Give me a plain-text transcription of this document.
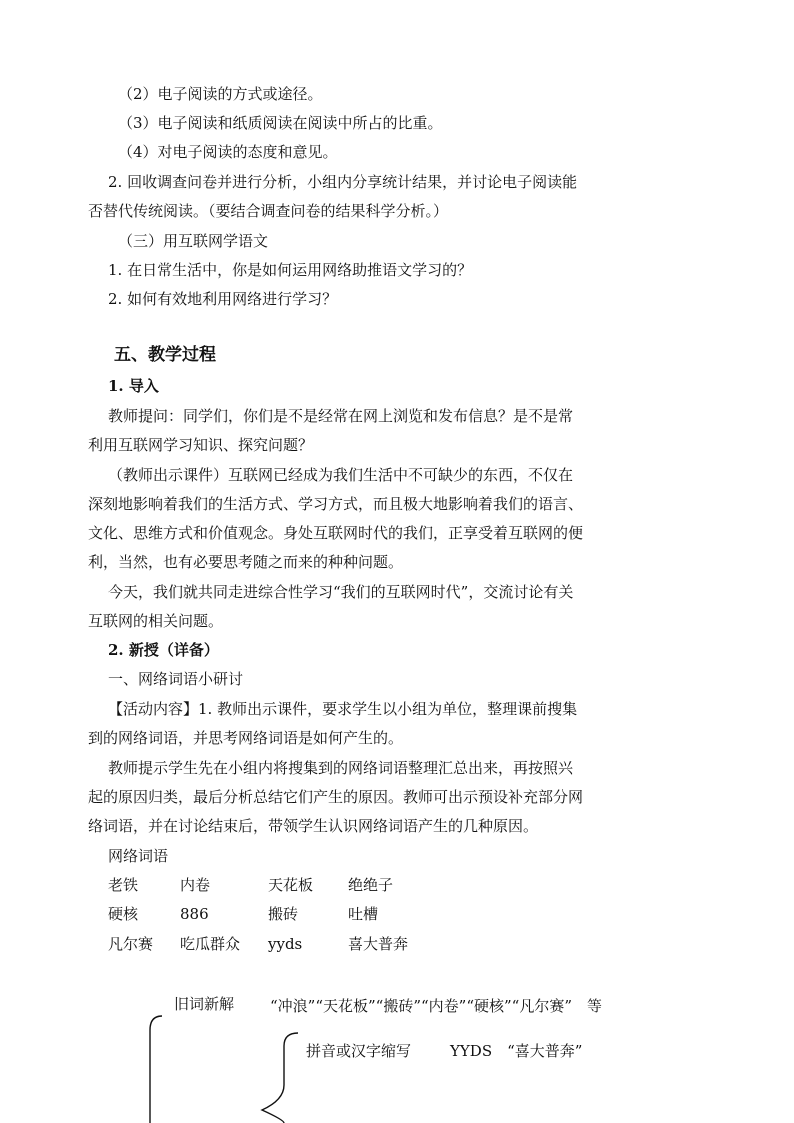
（2）电子阅读的方式或途径。
（3）电子阅读和纸质阅读在阅读中所占的比重。
（4）对电子阅读的态度和意见。
2. 回收调查问卷并进行分析，小组内分享统计结果，并讨论电子阅读能
否替代传统阅读。（要结合调查问卷的结果科学分析。）
（三）用互联网学语文
1. 在日常生活中，你是如何运用网络助推语文学习的？
2. 如何有效地利用网络进行学习？
五、教学过程
1. 导入
教师提问：同学们，你们是不是经常在网上浏览和发布信息？是不是常
利用互联网学习知识、探究问题？
（教师出示课件）互联网已经成为我们生活中不可缺少的东西，不仅在
深刻地影响着我们的生活方式、学习方式，而且极大地影响着我们的语言、
文化、思维方式和价值观念。身处互联网时代的我们，正享受着互联网的便
利，当然，也有必要思考随之而来的种种问题。
今天，我们就共同走进综合性学习“我们的互联网时代”，交流讨论有关
互联网的相关问题。
2. 新授（详备）
一、网络词语小研讨
【活动内容】1. 教师出示课件，要求学生以小组为单位，整理课前搜集
到的网络词语，并思考网络词语是如何产生的。
教师提示学生先在小组内将搜集到的网络词语整理汇总出来，再按照兴
起的原因归类，最后分析总结它们产生的原因。教师可出示预设补充部分网
络词语，并在讨论结束后，带领学生认识网络词语产生的几种原因。
网络词语
老铁	内卷	天花板 绝绝子
硬核	886	搬砖	吐槽
凡尔赛 吃瓜群众 yyds	喜大普奔
旧词新解 “冲浪”“天花板”“搬砖”“内卷”“硬核”“凡尔赛”　等
拼音或汉字缩写	YYDS　“喜大普奔”
